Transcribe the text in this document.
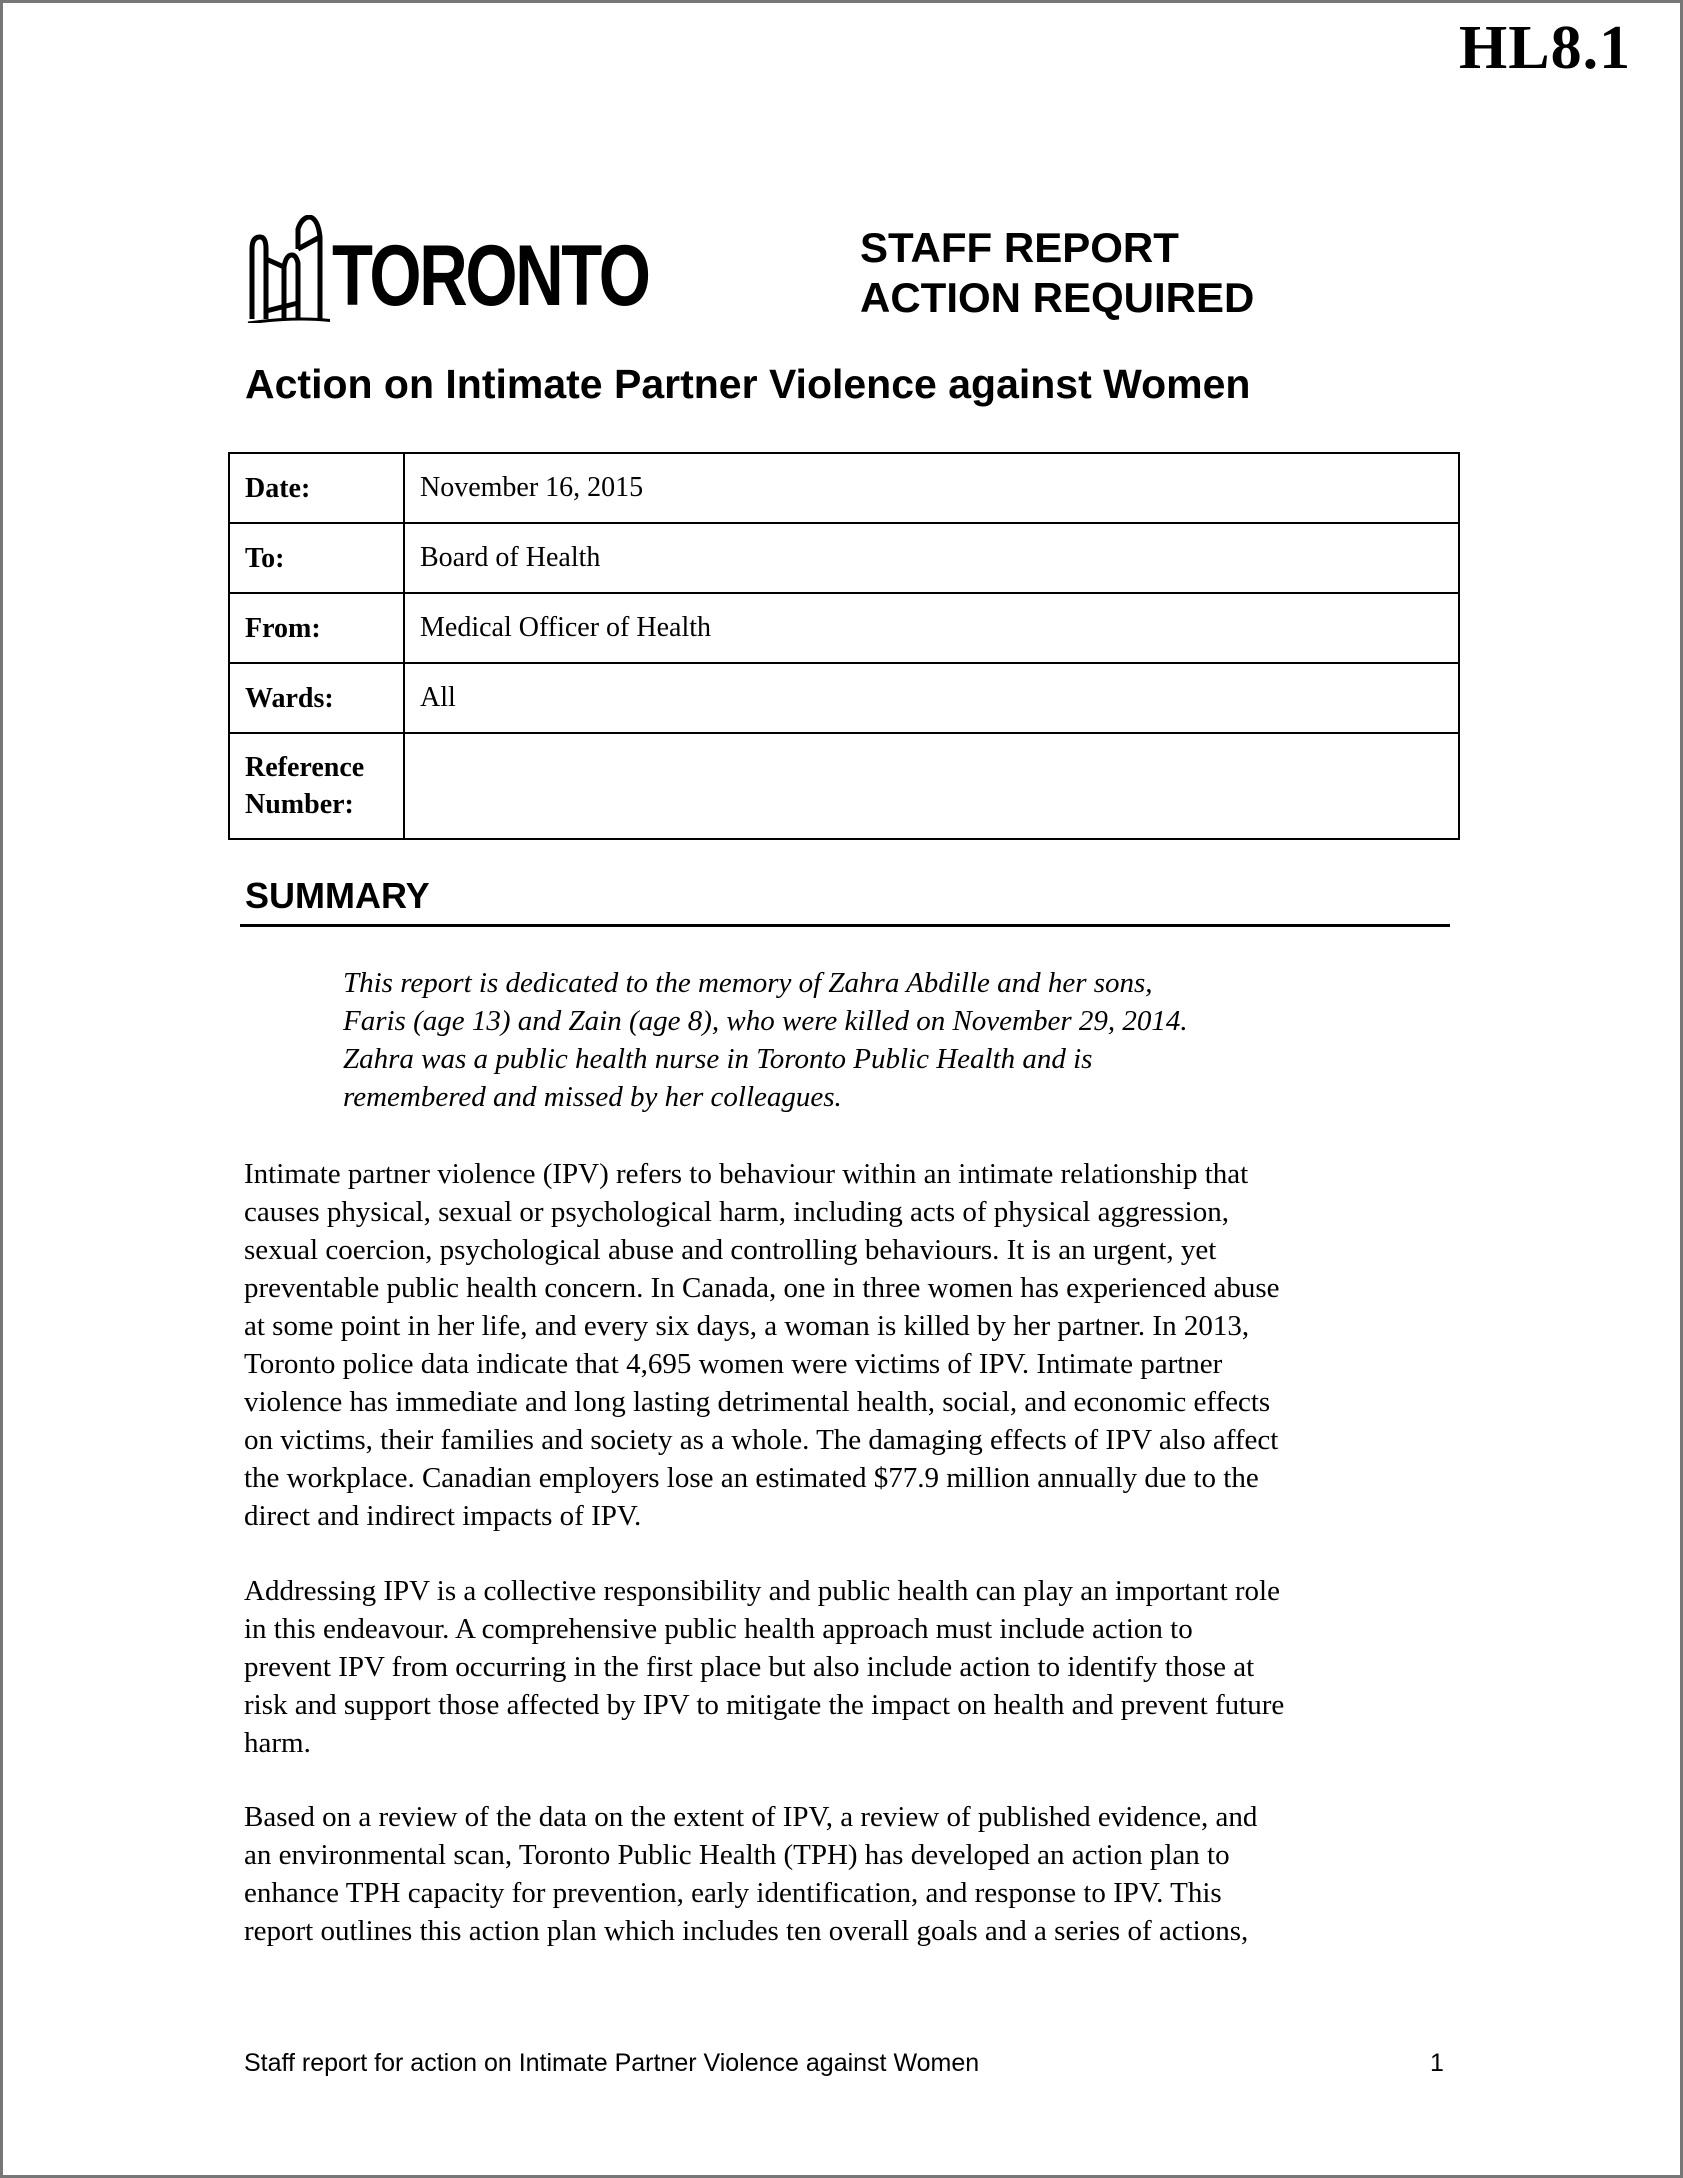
HL8.1
TORONTO	STAFF REPORT
ACTION REQUIRED
Action on Intimate Partner Violence against Women
Date:	November 16, 2015
To:	Board of Health
From:	Medical Officer of Health
Wards:	All

Reference
Number:	

SUMMARY
This report is dedicated to the memory of Zahra Abdille and her sons,
Faris (age 13) and Zain (age 8), who were killed on November 29, 2014.
Zahra was a public health nurse in Toronto Public Health and is
remembered and missed by her colleagues.
Intimate partner violence (IPV) refers to behaviour within an intimate relationship that
causes physical, sexual or psychological harm, including acts of physical aggression,
sexual coercion, psychological abuse and controlling behaviours. It is an urgent, yet
preventable public health concern. In Canada, one in three women has experienced abuse
at some point in her life, and every six days, a woman is killed by her partner. In 2013,
Toronto police data indicate that 4,695 women were victims of IPV. Intimate partner
violence has immediate and long lasting detrimental health, social, and economic effects
on victims, their families and society as a whole. The damaging effects of IPV also affect
the workplace. Canadian employers lose an estimated $77.9 million annually due to the
direct and indirect impacts of IPV.
Addressing IPV is a collective responsibility and public health can play an important role
in this endeavour. A comprehensive public health approach must include action to
prevent IPV from occurring in the first place but also include action to identify those at
risk and support those affected by IPV to mitigate the impact on health and prevent future
harm.
Based on a review of the data on the extent of IPV, a review of published evidence, and
an environmental scan, Toronto Public Health (TPH) has developed an action plan to
enhance TPH capacity for prevention, early identification, and response to IPV. This
report outlines this action plan which includes ten overall goals and a series of actions,
Staff report for action on Intimate Partner Violence against Women	1
